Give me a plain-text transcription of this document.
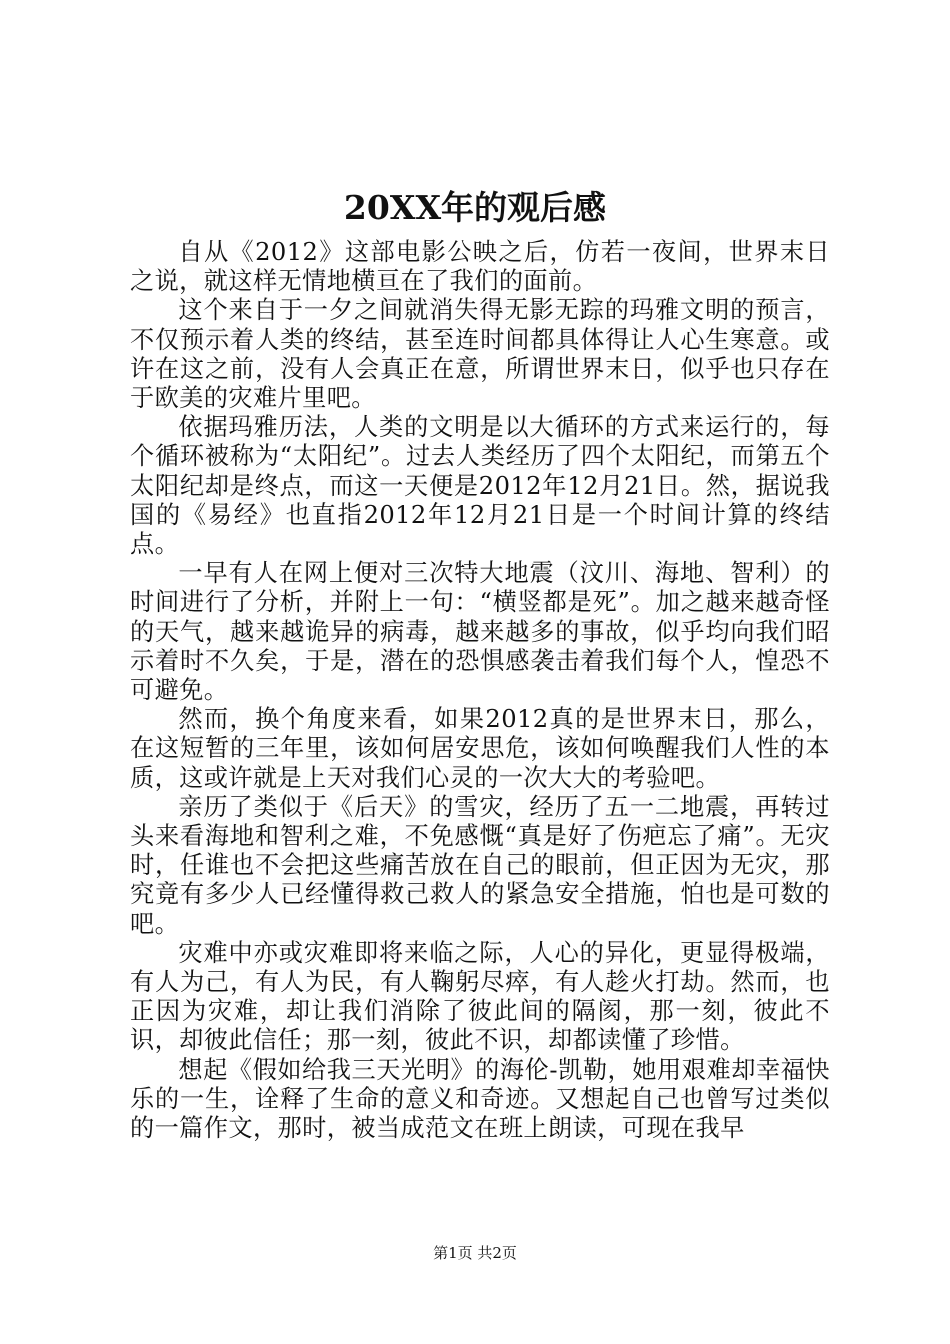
20XX年的观后感

自从《2012》这部电影公映之后，仿若一夜间，世界末日之说，就这样无情地横亘在了我们的面前。

这个来自于一夕之间就消失得无影无踪的玛雅文明的预言，不仅预示着人类的终结，甚至连时间都具体得让人心生寒意。或许在这之前，没有人会真正在意，所谓世界末日，似乎也只存在于欧美的灾难片里吧。

依据玛雅历法，人类的文明是以大循环的方式来运行的，每个循环被称为“太阳纪”。过去人类经历了四个太阳纪，而第五个太阳纪却是终点，而这一天便是2012年12月21日。然，据说我国的《易经》也直指2012年12月21日是一个时间计算的终结点。

一早有人在网上便对三次特大地震（汶川、海地、智利）的时间进行了分析，并附上一句：“横竖都是死”。加之越来越奇怪的天气，越来越诡异的病毒，越来越多的事故，似乎均向我们昭示着时不久矣，于是，潜在的恐惧感袭击着我们每个人，惶恐不可避免。

然而，换个角度来看，如果2012真的是世界末日，那么，在这短暂的三年里，该如何居安思危，该如何唤醒我们人性的本质，这或许就是上天对我们心灵的一次大大的考验吧。

亲历了类似于《后天》的雪灾，经历了五一二地震，再转过头来看海地和智利之难，不免感慨“真是好了伤疤忘了痛”。无灾时，任谁也不会把这些痛苦放在自己的眼前，但正因为无灾，那究竟有多少人已经懂得救己救人的紧急安全措施，怕也是可数的吧。

灾难中亦或灾难即将来临之际，人心的异化，更显得极端，有人为己，有人为民，有人鞠躬尽瘁，有人趁火打劫。然而，也正因为灾难，却让我们消除了彼此间的隔阂，那一刻，彼此不识，却彼此信任；那一刻，彼此不识，却都读懂了珍惜。

想起《假如给我三天光明》的海伦-凯勒，她用艰难却幸福快乐的一生，诠释了生命的意义和奇迹。又想起自己也曾写过类似的一篇作文，那时，被当成范文在班上朗读，可现在我早

第1页 共2页
